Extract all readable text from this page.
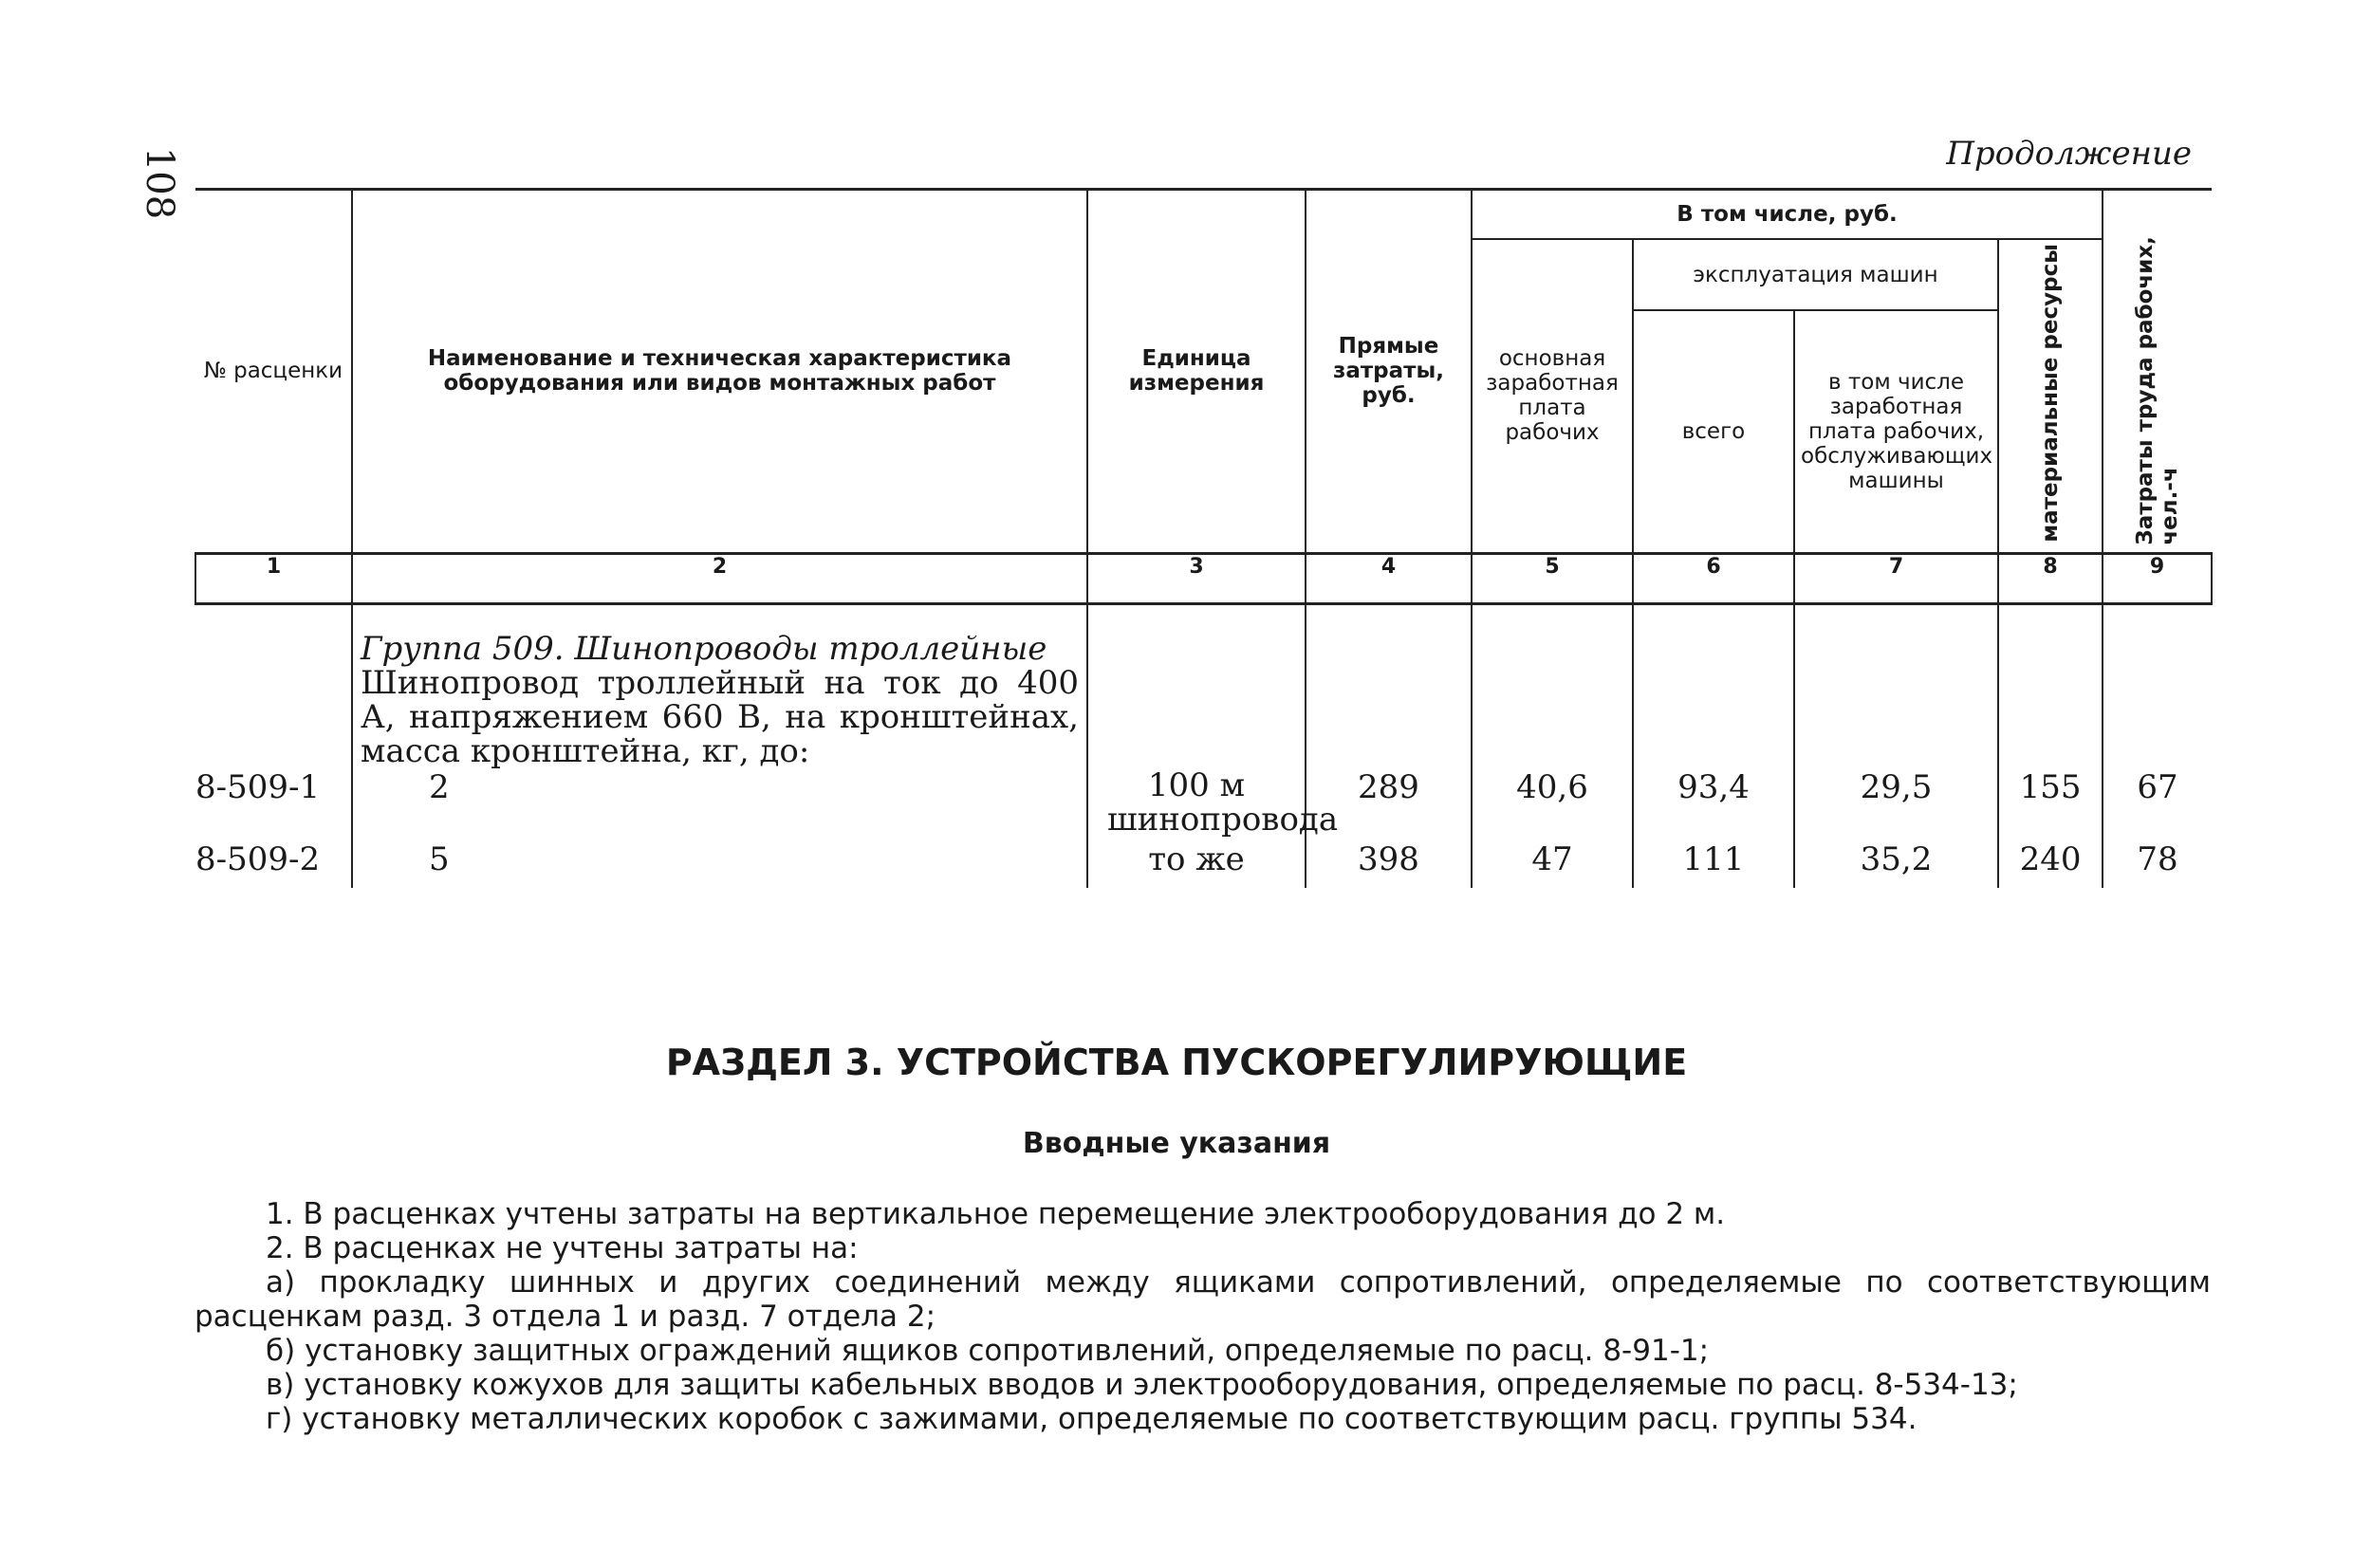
108	Продолжение
№ расценки	Наименование и техническая характеристика оборудования или видов монтажных работ	Единица измерения	Прямые затраты, руб.	В том числе, руб.				Затраты труда рабочих, чел.-ч
				основная заработная плата рабочих	эксплуатация машин		материальные ресурсы	
					всего	в том числе заработная плата рабочих, обслуживающих машины		
1	2	3	4	5	6	7	8	9

	Группа 509. Шинопроводы троллейные
Шинопровод троллейный на ток до 400 А, напряжением 660 В, на кронштейнах, масса кронштейна, кг, до:							

8-509-1	2	100 м шинопровода	289	40,6	93,4	29,5	155	67
8-509-2	5	то же	398	47	111	35,2	240	78
РАЗДЕЛ 3. УСТРОЙСТВА ПУСКОРЕГУЛИРУЮЩИЕ
Вводные указания

1. В расценках учтены затраты на вертикальное перемещение электрооборудования до 2 м.

2. В расценках не учтены затраты на:

а) прокладку шинных и других соединений между ящиками сопротивлений, определяемые по соответствующим расценкам разд. 3 отдела 1 и разд. 7 отдела 2;

б) установку защитных ограждений ящиков сопротивлений, определяемые по расц. 8-91-1;

в) установку кожухов для защиты кабельных вводов и электрооборудования, определяемые по расц. 8-534-13;

г) установку металлических коробок с зажимами, определяемые по соответствующим расц. группы 534.
